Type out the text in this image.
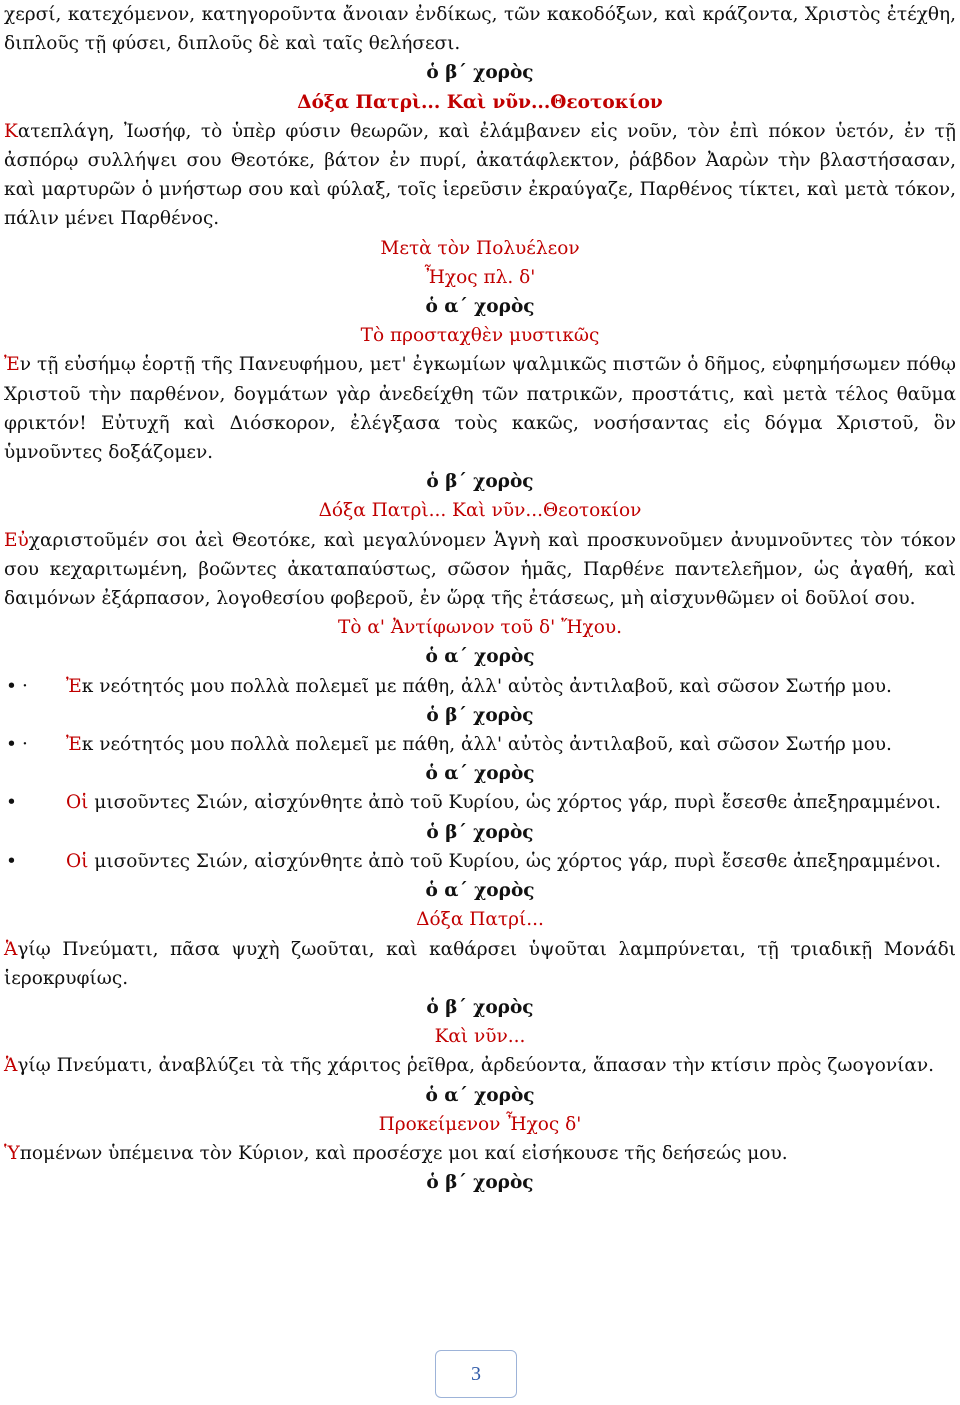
χερσί, κατεχόμενον, κατηγοροῦντα ἄνοιαν ἐνδίκως, τῶν κακοδόξων, καὶ κράζοντα, Χριστὸς ἐτέχθη, διπλοῦς τῇ φύσει, διπλοῦς δὲ καὶ ταῖς θελήσεσι.

ὁ β΄ χορὸς

Δόξα Πατρὶ... Καὶ νῦν...Θεοτοκίον

Κατεπλάγη, Ἰωσήφ, τὸ ὑπὲρ φύσιν θεωρῶν, καὶ ἐλάμβανεν εἰς νοῦν, τὸν ἐπὶ πόκον ὑετόν, ἐν τῇ ἀσπόρῳ συλλήψει σου Θεοτόκε, βάτον ἐν πυρί, ἀκατάφλεκτον, ῥάβδον Ἀαρὼν τὴν βλαστήσασαν, καὶ μαρτυρῶν ὁ μνήστωρ σου καὶ φύλαξ, τοῖς ἱερεῦσιν ἐκραύγαζε, Παρθένος τίκτει, καὶ μετὰ τόκον, πάλιν μένει Παρθένος.

Μετὰ τὸν Πολυέλεον

Ἦχος πλ. δ'

ὁ α΄ χορὸς

Τὸ προσταχθὲν μυστικῶς

Ἐν τῇ εὐσήμῳ ἑορτῇ τῆς Πανευφήμου, μετ' ἐγκωμίων ψαλμικῶς πιστῶν ὁ δῆμος, εὐφημήσωμεν πόθῳ Χριστοῦ τὴν παρθένον, δογμάτων γὰρ ἀνεδείχθη τῶν πατρικῶν, προστάτις, καὶ μετὰ τέλος θαῦμα φρικτόν! Εὐτυχῆ καὶ Διόσκορον, ἐλέγξασα τοὺς κακῶς, νοσήσαντας εἰς δόγμα Χριστοῦ, ὃν ὑμνοῦντες δοξάζομεν.

ὁ β΄ χορὸς

Δόξα Πατρὶ... Καὶ νῦν...Θεοτοκίον

Εὐχαριστοῦμέν σοι ἀεὶ Θεοτόκε, καὶ μεγαλύνομεν Ἁγνὴ καὶ προσκυνοῦμεν ἀνυμνοῦντες τὸν τόκον σου κεχαριτωμένη, βοῶντες ἀκαταπαύστως, σῶσον ἡμᾶς, Παρθένε παντελεῆμον, ὡς ἀγαθή, καὶ δαιμόνων ἐξάρπασον, λογοθεσίου φοβεροῦ, ἐν ὥρᾳ τῆς ἐτάσεως, μὴ αἰσχυνθῶμεν οἱ δοῦλοί σου.

Τὸ α' Ἀντίφωνον τοῦ δ' Ἤχου.

ὁ α΄ χορὸς

• ·	Ἐκ νεότητός μου πολλὰ πολεμεῖ με πάθη, ἀλλ' αὐτὸς ἀντιλαβοῦ, καὶ σῶσον Σωτήρ μου.

ὁ β΄ χορὸς

• ·	Ἐκ νεότητός μου πολλὰ πολεμεῖ με πάθη, ἀλλ' αὐτὸς ἀντιλαβοῦ, καὶ σῶσον Σωτήρ μου.

ὁ α΄ χορὸς

•	Οἱ μισοῦντες Σιών, αἰσχύνθητε ἀπὸ τοῦ Κυρίου, ὡς χόρτος γάρ, πυρὶ ἔσεσθε ἀπεξηραμμένοι.

ὁ β΄ χορὸς

•	Οἱ μισοῦντες Σιών, αἰσχύνθητε ἀπὸ τοῦ Κυρίου, ὡς χόρτος γάρ, πυρὶ ἔσεσθε ἀπεξηραμμένοι.

ὁ α΄ χορὸς

Δόξα Πατρί...

Ἁγίῳ Πνεύματι, πᾶσα ψυχὴ ζωοῦται, καὶ καθάρσει ὑψοῦται λαμπρύνεται, τῇ τριαδικῇ Μονάδι ἱεροκρυφίως.

ὁ β΄ χορὸς

Καὶ νῦν...

Ἁγίῳ Πνεύματι, ἀναβλύζει τὰ τῆς χάριτος ῥεῖθρα, ἀρδεύοντα, ἅπασαν τὴν κτίσιν πρὸς ζωογονίαν.

ὁ α΄ χορὸς

Προκείμενον Ἦχος δ'

Ὑπομένων ὑπέμεινα τὸν Κύριον, καὶ προσέσχε μοι καί εἰσήκουσε τῆς δεήσεώς μου.

ὁ β΄ χορὸς

3
